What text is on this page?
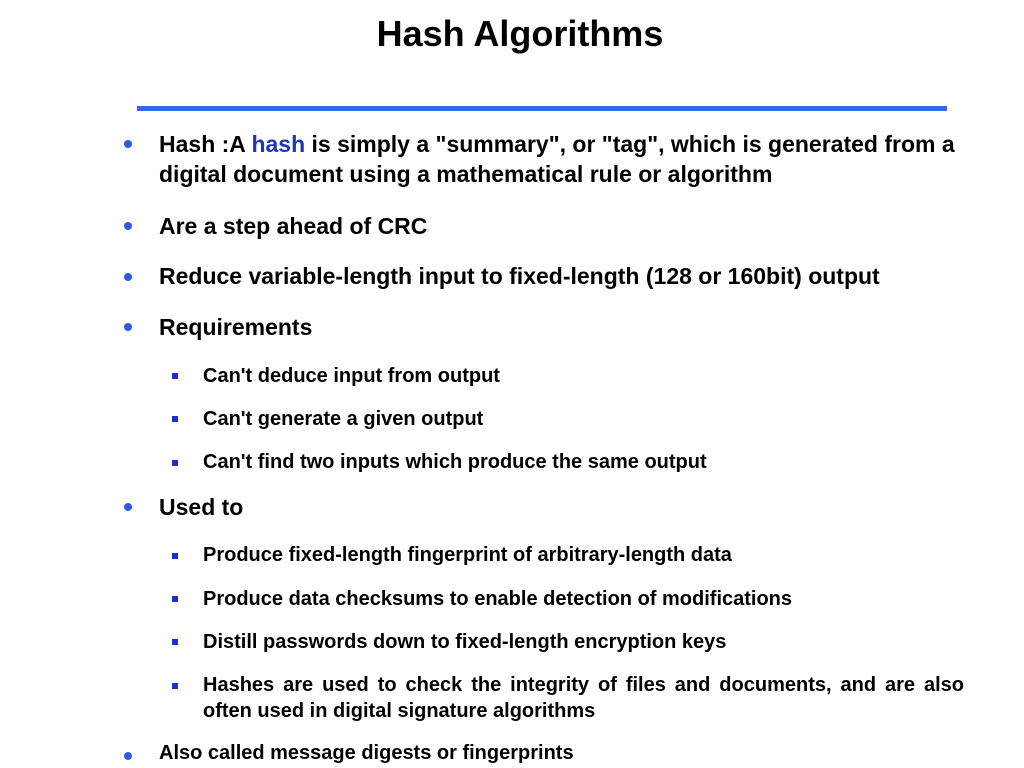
Hash Algorithms
Hash :A hash is simply a "summary", or "tag", which is generated from a digital document using a mathematical rule or algorithm
Are a step ahead of CRC
Reduce variable-length input to fixed-length (128 or 160bit) output
Requirements
Can't deduce input from output
Can't generate a given output
Can't find two inputs which produce the same output
Used to
Produce fixed-length fingerprint of arbitrary-length data
Produce data checksums to enable detection of modifications
Distill passwords down to fixed-length encryption keys
Hashes are used to check the integrity of files and documents, and are also often used in digital signature algorithms
Also called message digests or fingerprints
